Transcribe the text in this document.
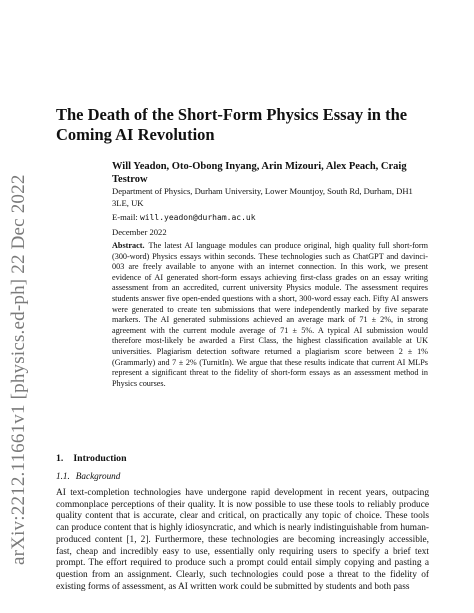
arXiv:2212.11661v1 [physics.ed-ph] 22 Dec 2022
The Death of the Short-Form Physics Essay in the Coming AI Revolution
Will Yeadon, Oto-Obong Inyang, Arin Mizouri, Alex Peach, Craig Testrow
Department of Physics, Durham University, Lower Mountjoy, South Rd, Durham, DH1 3LE, UK
E-mail: will.yeadon@durham.ac.uk
December 2022

Abstract. The latest AI language modules can produce original, high quality full short-form (300-word) Physics essays within seconds. These technologies such as ChatGPT and davinci-003 are freely available to anyone with an internet connection. In this work, we present evidence of AI generated short-form essays achieving first-class grades on an essay writing assessment from an accredited, current university Physics module. The assessment requires students answer five open-ended questions with a short, 300-word essay each. Fifty AI answers were generated to create ten submissions that were independently marked by five separate markers. The AI generated submissions achieved an average mark of 71 ± 2%, in strong agreement with the current module average of 71 ± 5%. A typical AI submission would therefore most-likely be awarded a First Class, the highest classification available at UK universities. Plagiarism detection software returned a plagiarism score between 2 ± 1% (Grammarly) and 7 ± 2% (TurnitIn). We argue that these results indicate that current AI MLPs represent a significant threat to the fidelity of short-form essays as an assessment method in Physics courses.

1. Introduction
1.1. Background

AI text-completion technologies have undergone rapid development in recent years, outpacing commonplace perceptions of their quality. It is now possible to use these tools to reliably produce quality content that is accurate, clear and critical, on practically any topic of choice. These tools can produce content that is highly idiosyncratic, and which is nearly indistinguishable from human-produced content [1, 2]. Furthermore, these technologies are becoming increasingly accessible, fast, cheap and incredibly easy to use, essentially only requiring users to specify a brief text prompt. The effort required to produce such a prompt could entail simply copying and pasting a question from an assignment. Clearly, such technologies could pose a threat to the fidelity of existing forms of assessment, as AI written work could be submitted by students and both pass
